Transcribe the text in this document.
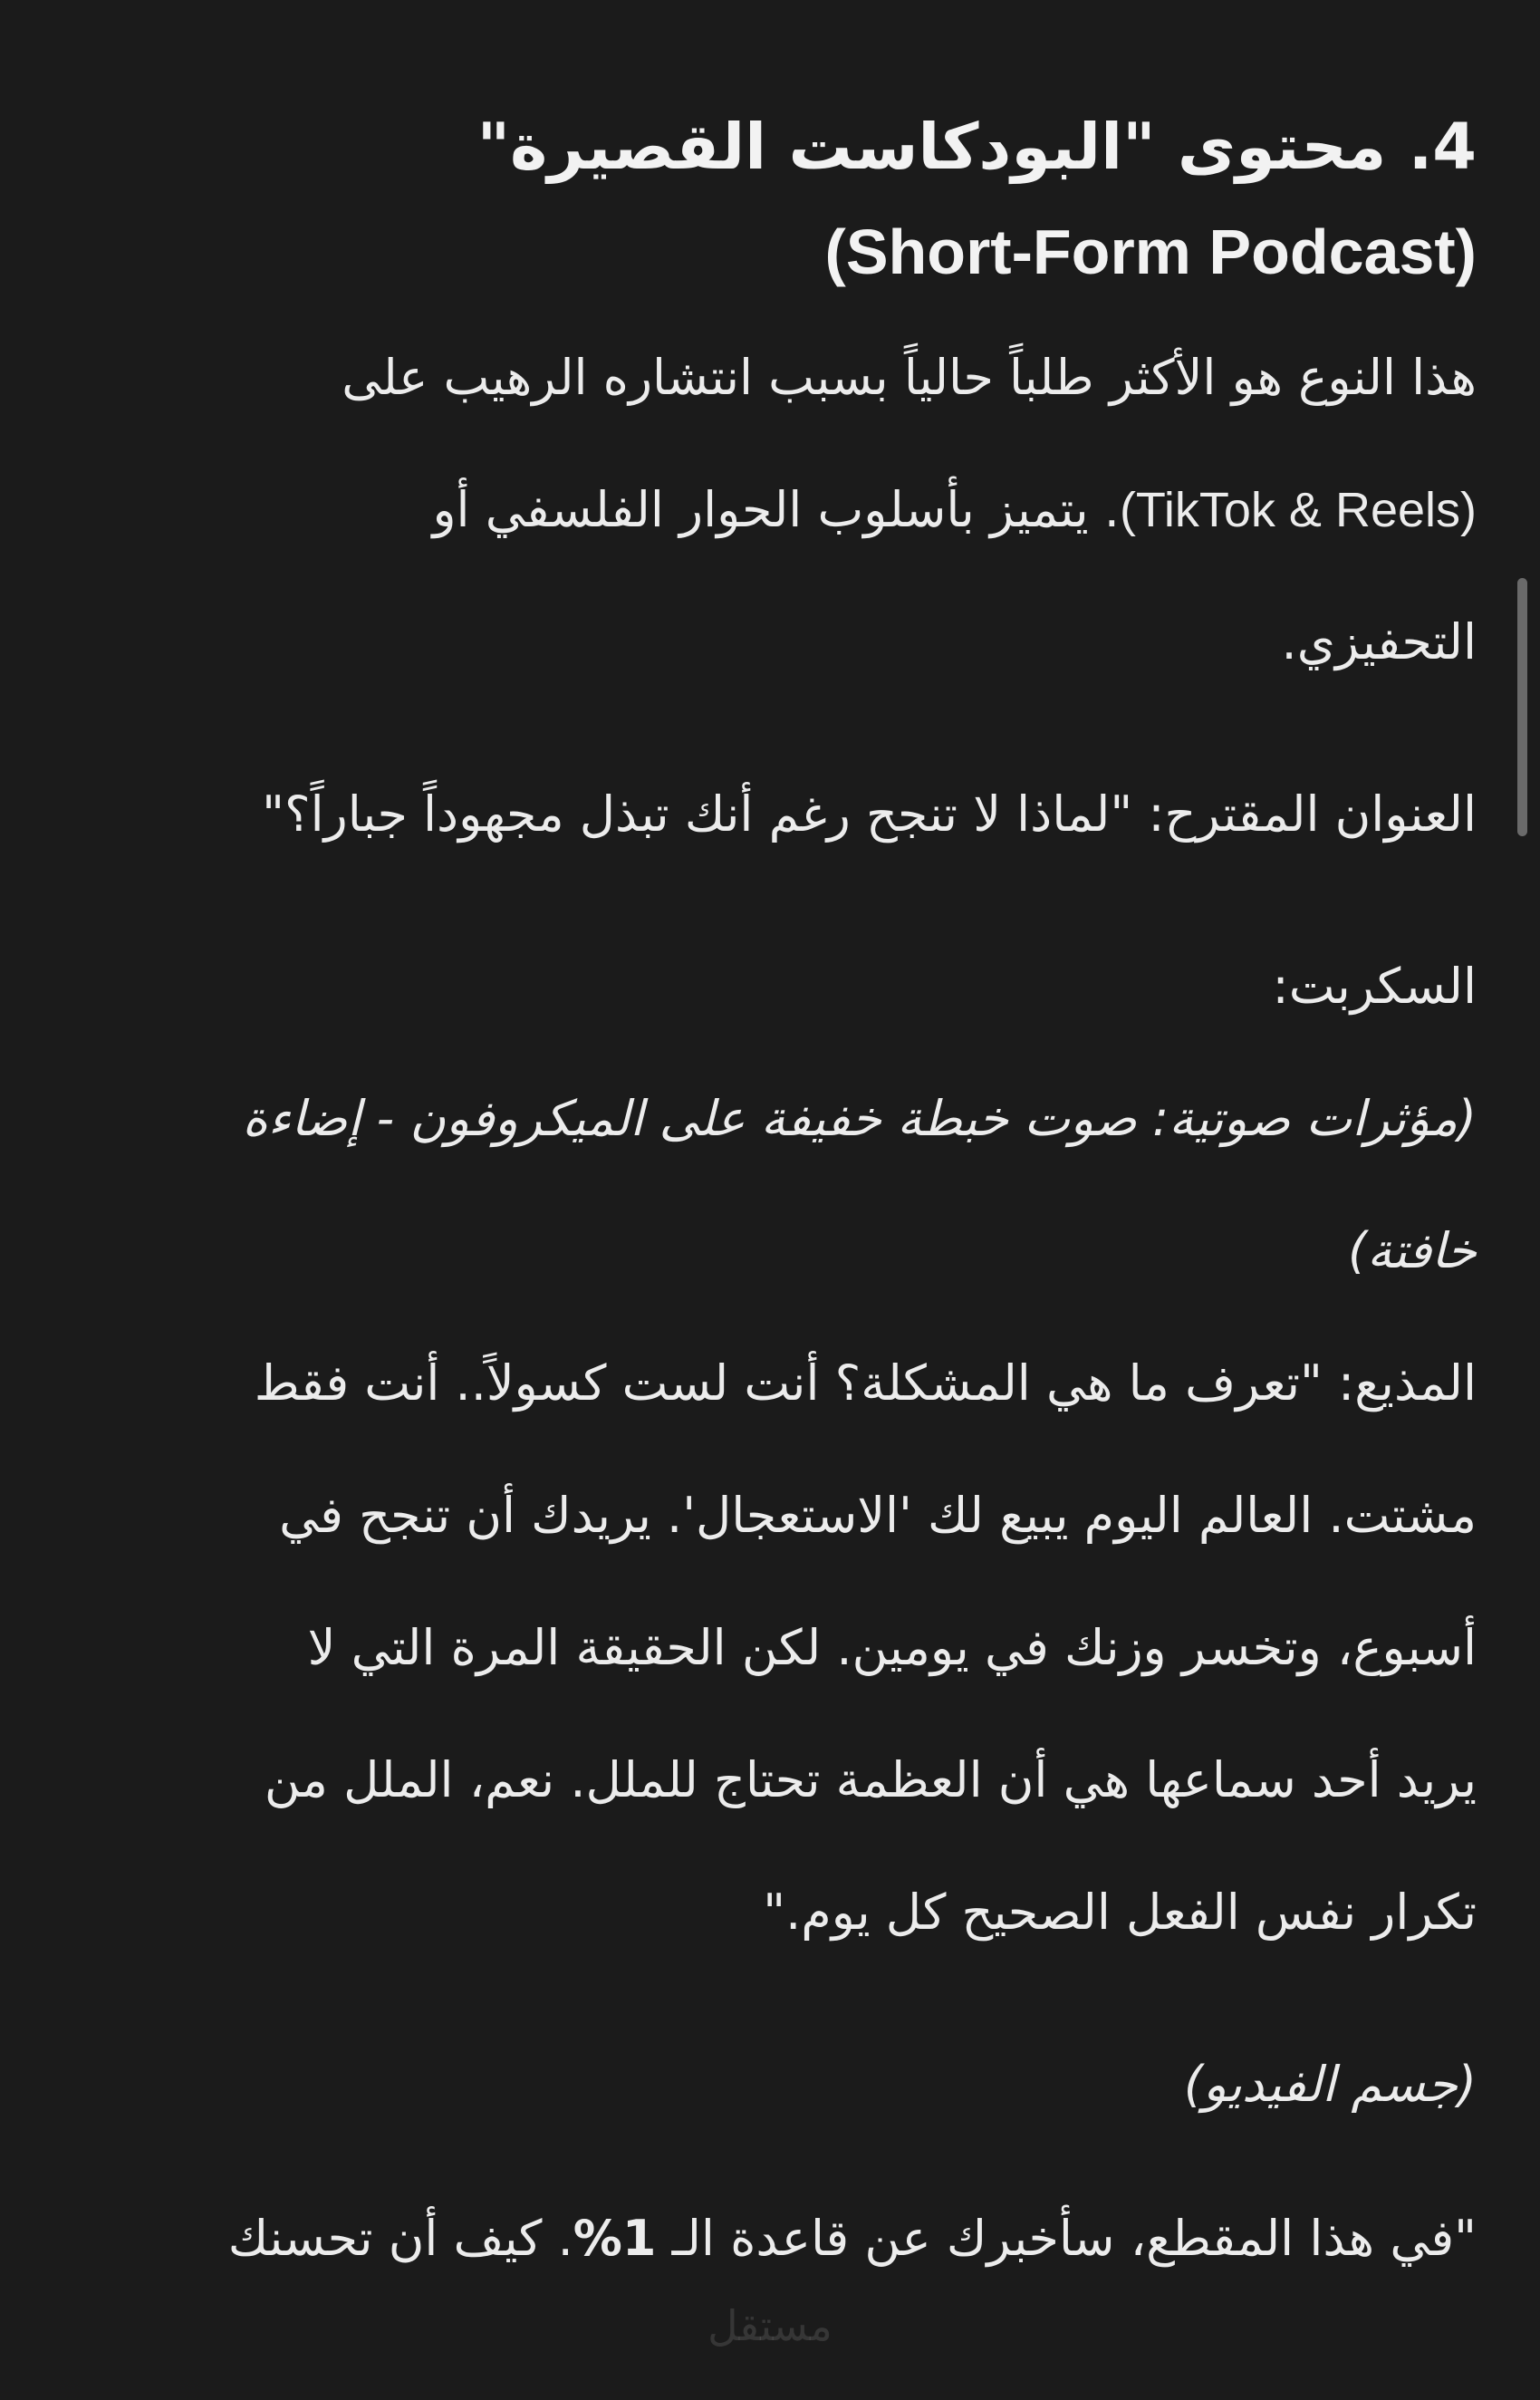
4. محتوى "البودكاست القصيرة"
(Short-Form Podcast)

هذا النوع هو الأكثر طلباً حالياً بسبب انتشاره الرهيب على
(TikTok & Reels). يتميز بأسلوب الحوار الفلسفي أو
التحفيزي.

العنوان المقترح: "لماذا لا تنجح رغم أنك تبذل مجهوداً جباراً؟"

السكربت:

(مؤثرات صوتية: صوت خبطة خفيفة على الميكروفون - إضاءة
خافتة)

المذيع: "تعرف ما هي المشكلة؟ أنت لست كسولاً.. أنت فقط
مشتت. العالم اليوم يبيع لك 'الاستعجال'. يريدك أن تنجح في
أسبوع، وتخسر وزنك في يومين. لكن الحقيقة المرة التي لا
يريد أحد سماعها هي أن العظمة تحتاج للملل. نعم، الملل من
تكرار نفس الفعل الصحيح كل يوم."

(جسم الفيديو)

"في هذا المقطع، سأخبرك عن قاعدة الـ 1%. كيف أن تحسنك

مستقل
